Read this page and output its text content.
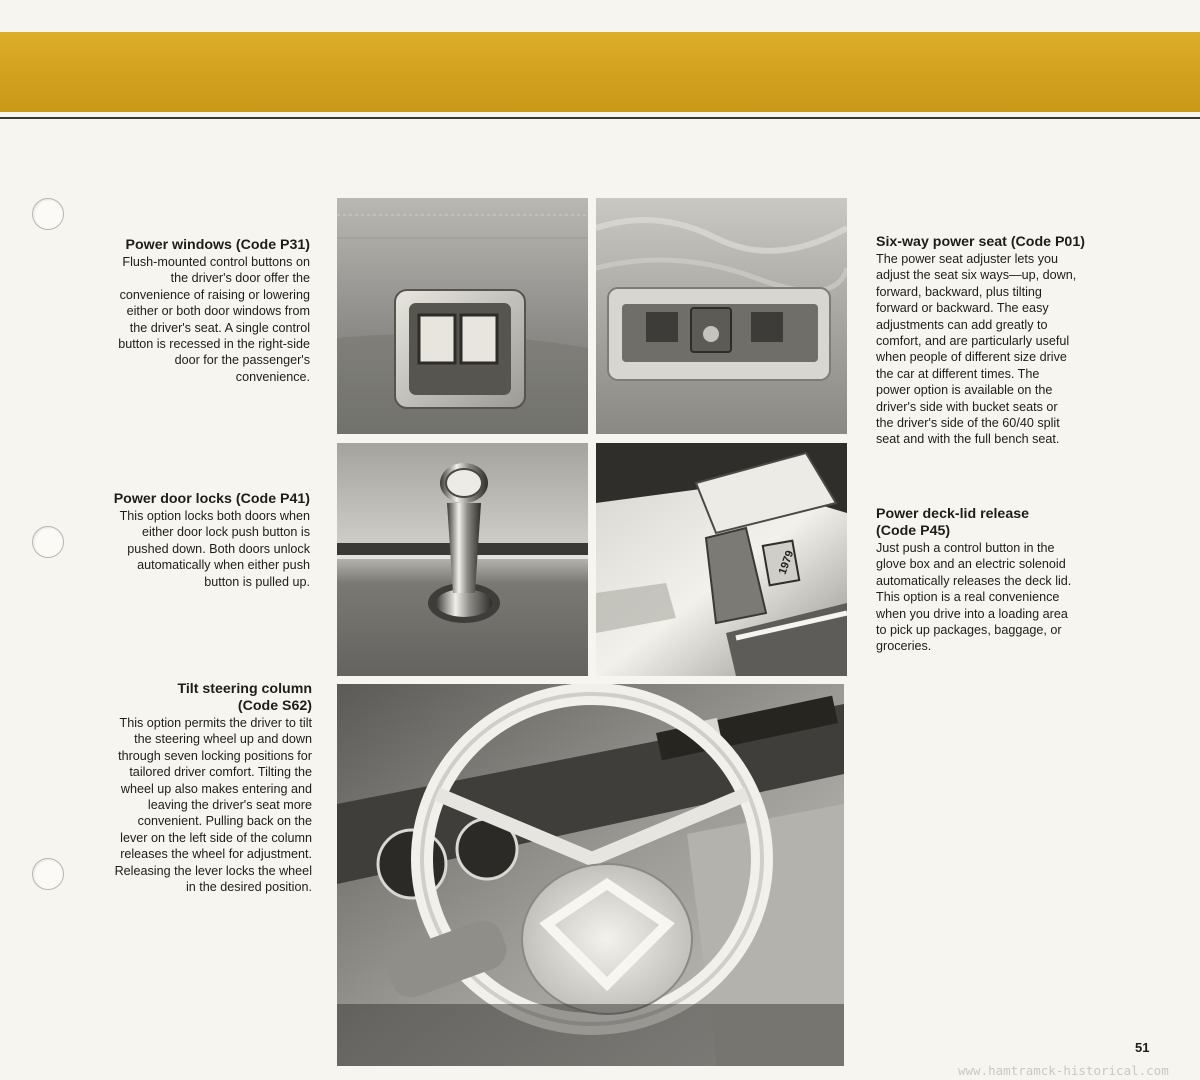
Power windows (Code P31)

Flush-mounted control buttons on

the driver's door offer the

convenience of raising or lowering

either or both door windows from

the driver's seat. A single control

button is recessed in the right-side

door for the passenger's

convenience.

Power door locks (Code P41)

This option locks both doors when

either door lock push button is

pushed down. Both doors unlock

automatically when either push

button is pulled up.

Tilt steering column
(Code S62)

This option permits the driver to tilt

the steering wheel up and down

through seven locking positions for

tailored driver comfort. Tilting the

wheel up also makes entering and

leaving the driver's seat more

convenient. Pulling back on the

lever on the left side of the column

releases the wheel for adjustment.

Releasing the lever locks the wheel

in the desired position.

Six-way power seat (Code P01)

The power seat adjuster lets you

adjust the seat six ways—up, down,

forward, backward, plus tilting

forward or backward. The easy

adjustments can add greatly to

comfort, and are particularly useful

when people of different size drive

the car at different times. The

power option is available on the

driver's side with bucket seats or

the driver's side of the 60/40 split

seat and with the full bench seat.

Power deck-lid release
(Code P45)

Just push a control button in the

glove box and an electric solenoid

automatically releases the deck lid.

This option is a real convenience

when you drive into a loading area

to pick up packages, baggage, or

groceries.

1979
51
www.hamtramck-historical.com
